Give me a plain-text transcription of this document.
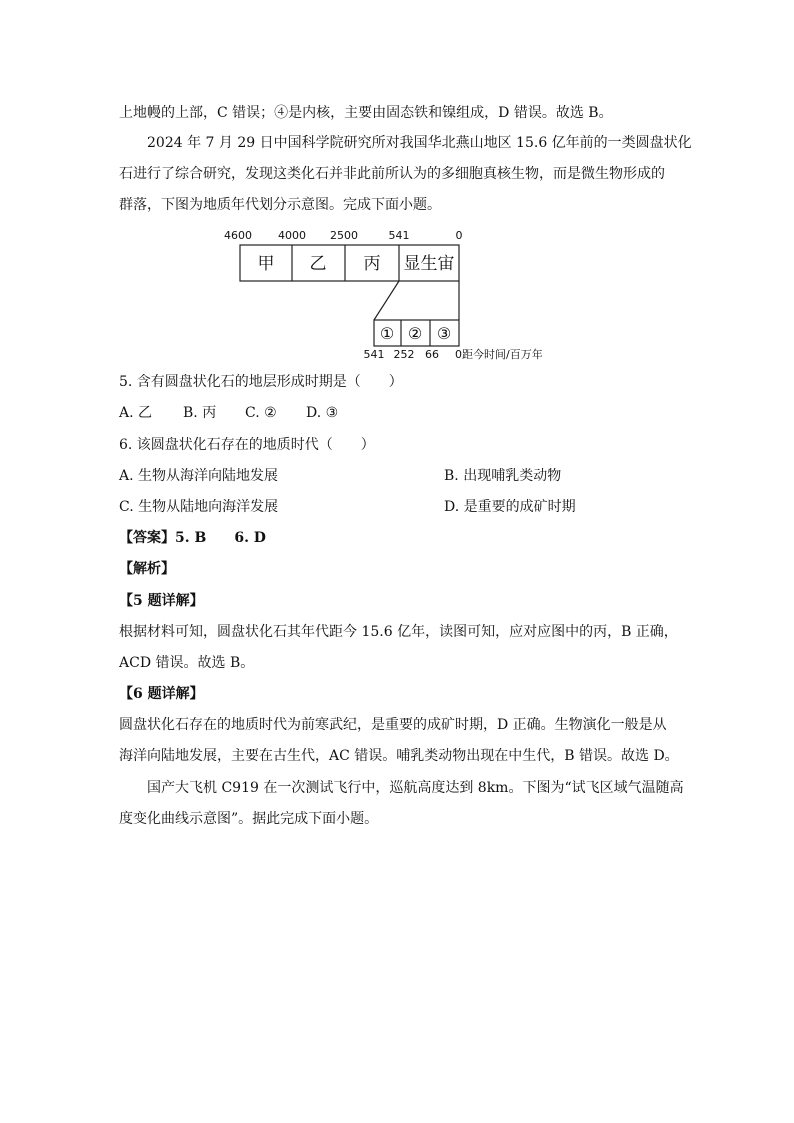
上地幔的上部，C 错误；④是内核，主要由固态铁和镍组成，D 错误。故选 B。
2024 年 7 月 29 日中国科学院研究所对我国华北燕山地区 15.6 亿年前的一类圆盘状化
石进行了综合研究，发现这类化石并非此前所认为的多细胞真核生物，而是微生物形成的
群落，下图为地质年代划分示意图。完成下面小题。
4600 4000 2500	541	0
甲 乙 丙 显生宙
① ② ③
541 252 66 0距今时间/百万年
5. 含有圆盘状化石的地层形成时期是（　　）
A. 乙 B. 丙 C. ② D. ③
6. 该圆盘状化石存在的地质时代（　　）
A. 生物从海洋向陆地发展	B. 出现哺乳类动物
C. 生物从陆地向海洋发展	D. 是重要的成矿时期
【答案】5. B　　6. D
【解析】
【5 题详解】
根据材料可知，圆盘状化石其年代距今 15.6 亿年，读图可知，应对应图中的丙，B 正确，
ACD 错误。故选 B。
【6 题详解】
圆盘状化石存在的地质时代为前寒武纪，是重要的成矿时期，D 正确。生物演化一般是从
海洋向陆地发展，主要在古生代，AC 错误。哺乳类动物出现在中生代，B 错误。故选 D。
国产大飞机 C919 在一次测试飞行中，巡航高度达到 8km。下图为“试飞区域气温随高
度变化曲线示意图”。据此完成下面小题。
